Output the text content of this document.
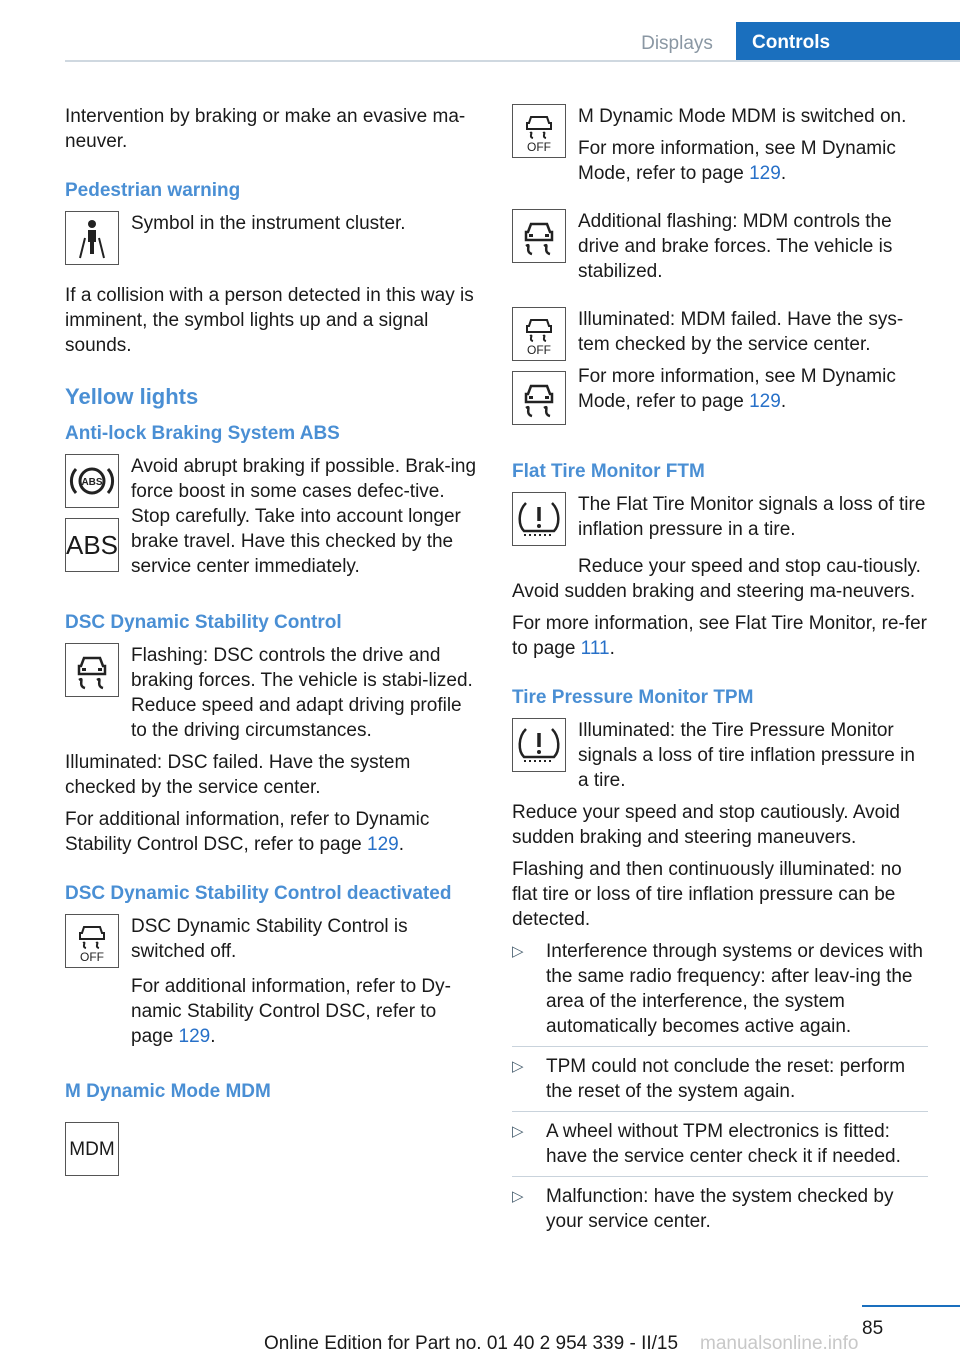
Displays	Controls

Intervention by braking or make an evasive ma‐neuver.

Pedestrian warning

Symbol in the instrument cluster.

If a collision with a person detected in this way is imminent, the symbol lights up and a signal sounds.

Yellow lights
Anti-lock Braking System ABS
ABS
ABS

Avoid abrupt braking if possible. Brak‐ing force boost in some cases defec‐tive. Stop carefully. Take into account longer brake travel. Have this checked by the service center immediately.

DSC Dynamic Stability Control

Flashing: DSC controls the drive and braking forces. The vehicle is stabi‐lized. Reduce speed and adapt driving profile to the driving circumstances.

Illuminated: DSC failed. Have the system checked by the service center.

For additional information, refer to Dynamic Stability Control DSC, refer to page 129.

DSC Dynamic Stability Control deactivated
OFF

DSC Dynamic Stability Control is switched off.

For additional information, refer to Dy‐namic Stability Control DSC, refer to page 129.

M Dynamic Mode MDM
MDM
OFF

M Dynamic Mode MDM is switched on.

For more information, see M Dynamic Mode, refer to page 129.

Additional flashing: MDM controls the drive and brake forces. The vehicle is stabilized.

OFF

Illuminated: MDM failed. Have the sys‐tem checked by the service center.

For more information, see M Dynamic Mode, refer to page 129.

Flat Tire Monitor FTM

The Flat Tire Monitor signals a loss of tire inflation pressure in a tire.

Reduce your speed and stop cau‐tiously. Avoid sudden braking and steering ma‐neuvers.

For more information, see Flat Tire Monitor, re‐fer to page 111.

Tire Pressure Monitor TPM

Illuminated: the Tire Pressure Monitor signals a loss of tire inflation pressure in a tire.

Reduce your speed and stop cautiously. Avoid sudden braking and steering maneuvers.

Flashing and then continuously illuminated: no flat tire or loss of tire inflation pressure can be detected.

▷ Interference through systems or devices with the same radio frequency: after leav‐ing the area of the interference, the system automatically becomes active again.
▷ TPM could not conclude the reset: perform the reset of the system again.
▷ A wheel without TPM electronics is fitted: have the service center check it if needed.
▷ Malfunction: have the system checked by your service center.
85
Online Edition for Part no. 01 40 2 954 339 - II/15 manualsonline.info
